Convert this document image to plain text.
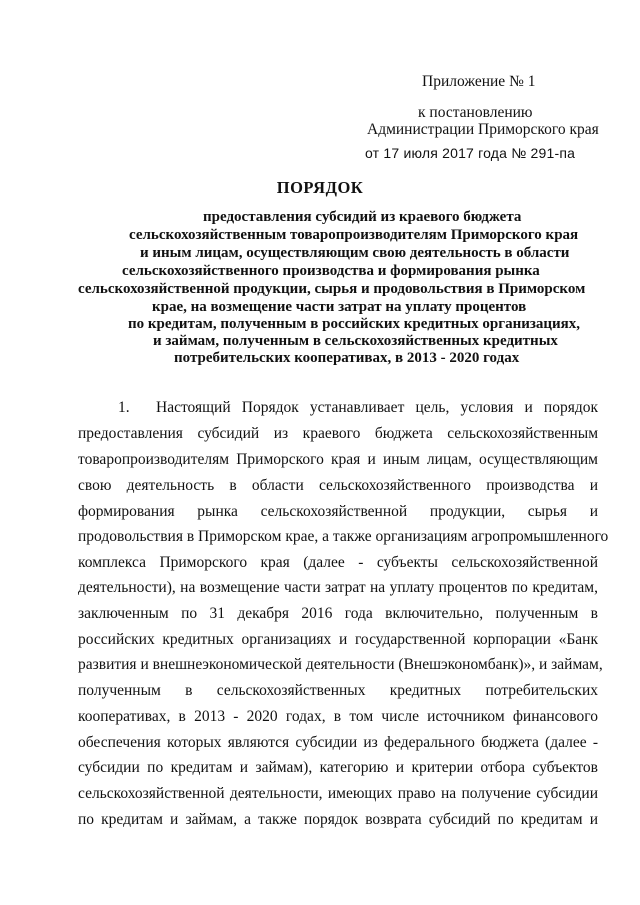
Приложение № 1
к постановлению
Администрации Приморского края
от 17 июля 2017 года № 291-па
ПОРЯДОК
предоставления субсидий из краевого бюджета
сельскохозяйственным товаропроизводителям Приморского края
и иным лицам, осуществляющим свою деятельность в области
сельскохозяйственного производства и формирования рынка
сельскохозяйственной продукции, сырья и продовольствия в Приморском
крае, на возмещение части затрат на уплату процентов
по кредитам, полученным в российских кредитных организациях,
и займам, полученным в сельскохозяйственных кредитных
потребительских кооперативах, в 2013 - 2020 годах
1. Настоящий Порядок устанавливает цель, условия и порядок
предоставления субсидий из краевого бюджета сельскохозяйственным
товаропроизводителям Приморского края и иным лицам, осуществляющим
свою деятельность в области сельскохозяйственного производства и
формирования рынка сельскохозяйственной продукции, сырья и
продовольствия в Приморском крае, а также организациям агропромышленного
комплекса Приморского края (далее - субъекты сельскохозяйственной
деятельности), на возмещение части затрат на уплату процентов по кредитам,
заключенным по 31 декабря 2016 года включительно, полученным в
российских кредитных организациях и государственной корпорации «Банк
развития и внешнеэкономической деятельности (Внешэкономбанк)», и займам,
полученным в сельскохозяйственных кредитных потребительских
кооперативах, в 2013 - 2020 годах, в том числе источником финансового
обеспечения которых являются субсидии из федерального бюджета (далее -
субсидии по кредитам и займам), категорию и критерии отбора субъектов
сельскохозяйственной деятельности, имеющих право на получение субсидии
по кредитам и займам, а также порядок возврата субсидий по кредитам и
